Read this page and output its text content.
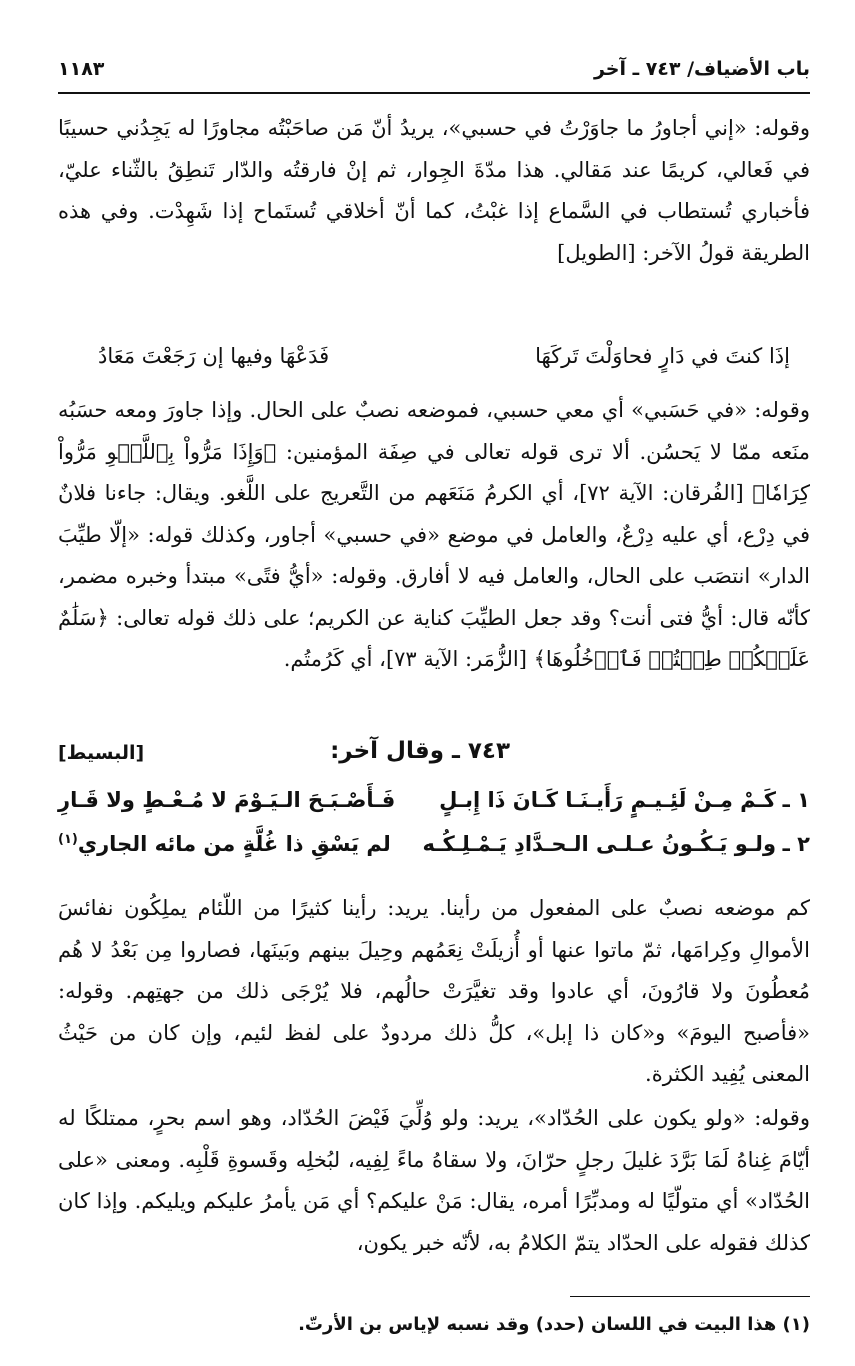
باب الأضياف/ ٧٤٣ ـ آخر
١١٨٣
وقوله: «إني أجاورُ ما جاوَرْتُ في حسبي»، يريدُ أنّ مَن صاحَبْتُه مجاورًا له يَجِدُني حسيبًا في فَعالي، كريمًا عند مَقالي. هذا مدّةَ الجِوار، ثم إنْ فارقتُه والدّار تَنطِقُ بالثّناء عليّ، فأخباري تُستطاب في السَّماع إذا غبْتُ، كما أنّ أخلاقي تُستَماح إذا شَهِدْت. وفي هذه الطريقة قولُ الآخر: [الطويل]
إذَا كنتَ في دَارٍ فحاوَلْتَ تَركَهَا
فَدَعْهَا وفيها إن رَجَعْتَ مَعَادُ
وقوله: «في حَسَبي» أي معي حسبي، فموضعه نصبٌ على الحال. وإذا جاورَ ومعه حسَبُه منَعه ممّا لا يَحسُن. ألا ترى قوله تعالى في صِفَة المؤمنين: ﴿وَإِذَا مَرُّواْ بِٱللَّغۡوِ مَرُّواْ كِرَامٗا﴾ [الفُرقان: الآية ٧٢]، أي الكرمُ مَنَعَهم من التَّعريج على اللَّغو. ويقال: جاءنا فلانٌ في دِرْع، أي عليه دِرْعٌ، والعامل في موضع «في حسبي» أجاور، وكذلك قوله: «إلّا طيِّبَ الدار» انتصَب على الحال، والعامل فيه لا أفارق. وقوله: «أيُّ فتًى» مبتدأ وخبره مضمر، كأنّه قال: أيُّ فتى أنت؟ وقد جعل الطيِّبَ كناية عن الكريم؛ على ذلك قوله تعالى: ﴿سَلَٰمٌ عَلَيۡكُمۡ طِبۡتُمۡ فَٱدۡخُلُوهَا﴾ [الزُّمَر: الآية ٧٣]، أي كَرُمتُم.
٧٤٣ ـ وقال آخر:
[البسيط]
١ ـ
كَـمْ مِـنْ لَئِـيـمٍ رَأَيـنَـا كَـانَ ذَا إِبـلٍ
فَـأَصْـبَـحَ الـيَـوْمَ لا مُـعْـطٍ ولا قَـارِ
٢ ـ
ولـو يَـكُـونُ عـلـى الـحـدَّادِ يَـمْـلِـكُـه
لم يَسْقِ ذا غُلَّةٍ من مائه الجاري$^{(١)}$
كم موضعه نصبٌ على المفعول من رأينا. يريد: رأينا كثيرًا من اللّئام يملِكُون نفائسَ الأموالِ وكِرامَها، ثمّ ماتوا عنها أو أُزيلَتْ نِعَمُهم وحِيلَ بينهم وبَينَها، فصاروا مِن بَعْدُ لا هُم مُعطُونَ ولا قارُونَ، أي عادوا وقد تغيَّرَتْ حالُهم، فلا يُرْجَى ذلك من جهتِهم. وقوله: «فأصبح اليومَ» و«كان ذا إبل»، كلُّ ذلك مردودٌ على لفظ لئيم، وإن كان من حَيْثُ المعنى يُفِيد الكثرة.
وقوله: «ولو يكون على الحُدّاد»، يريد: ولو وُلِّيَ فَيْضَ الحُدّاد، وهو اسم بحرٍ، ممتلكًا له أيّامَ غِناهُ لَمَا بَرَّدَ غليلَ رجلٍ حرّانَ، ولا سقاهُ ماءً لِفِيه، لبُخلِه وقَسوةِ قَلْبِه. ومعنى «على الحُدّاد» أي متولّيًا له ومدبِّرًا أمره، يقال: مَنْ عليكم؟ أي مَن يأمرُ عليكم ويليكم. وإذا كان كذلك فقوله على الحدّاد يتمّ الكلامُ به، لأنّه خبر يكون،
(١) هذا البيت في اللسان (حدد) وقد نسبه لإياس بن الأرتّ.
